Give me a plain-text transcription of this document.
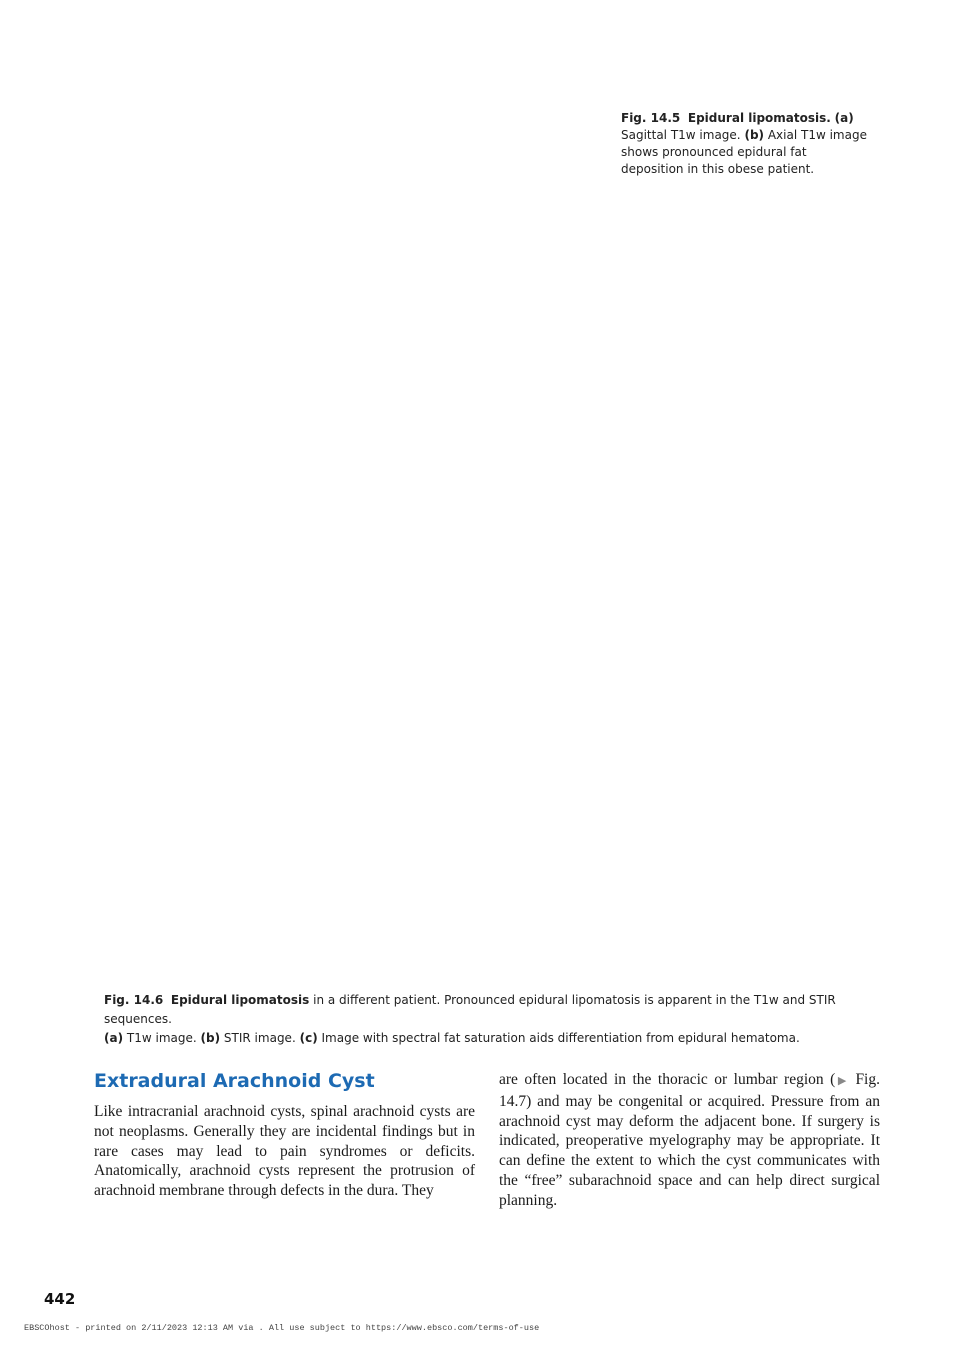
Fig. 14.5 Epidural lipomatosis. (a) Sagittal T1w image. (b) Axial T1w image shows pronounced epidural fat deposition in this obese patient.
Fig. 14.6 Epidural lipomatosis in a different patient. Pronounced epidural lipomatosis is apparent in the T1w and STIR sequences.
(a) T1w image. (b) STIR image. (c) Image with spectral fat saturation aids differentiation from epidural hematoma.
Extradural Arachnoid Cyst
Like intracranial arachnoid cysts, spinal arachnoid cysts are not neoplasms. Generally they are incidental findings but in rare cases may lead to pain syndromes or deficits. Anatomically, arachnoid cysts represent the protrusion of arachnoid membrane through defects in the dura. They
are often located in the thoracic or lumbar region (▶ Fig. 14.7) and may be congenital or acquired. Pressure from an arachnoid cyst may deform the adjacent bone. If surgery is indicated, preoperative myelography may be appropriate. It can define the extent to which the cyst communicates with the “free” subarachnoid space and can help direct surgical planning.
442
EBSCOhost - printed on 2/11/2023 12:13 AM via . All use subject to https://www.ebsco.com/terms-of-use
